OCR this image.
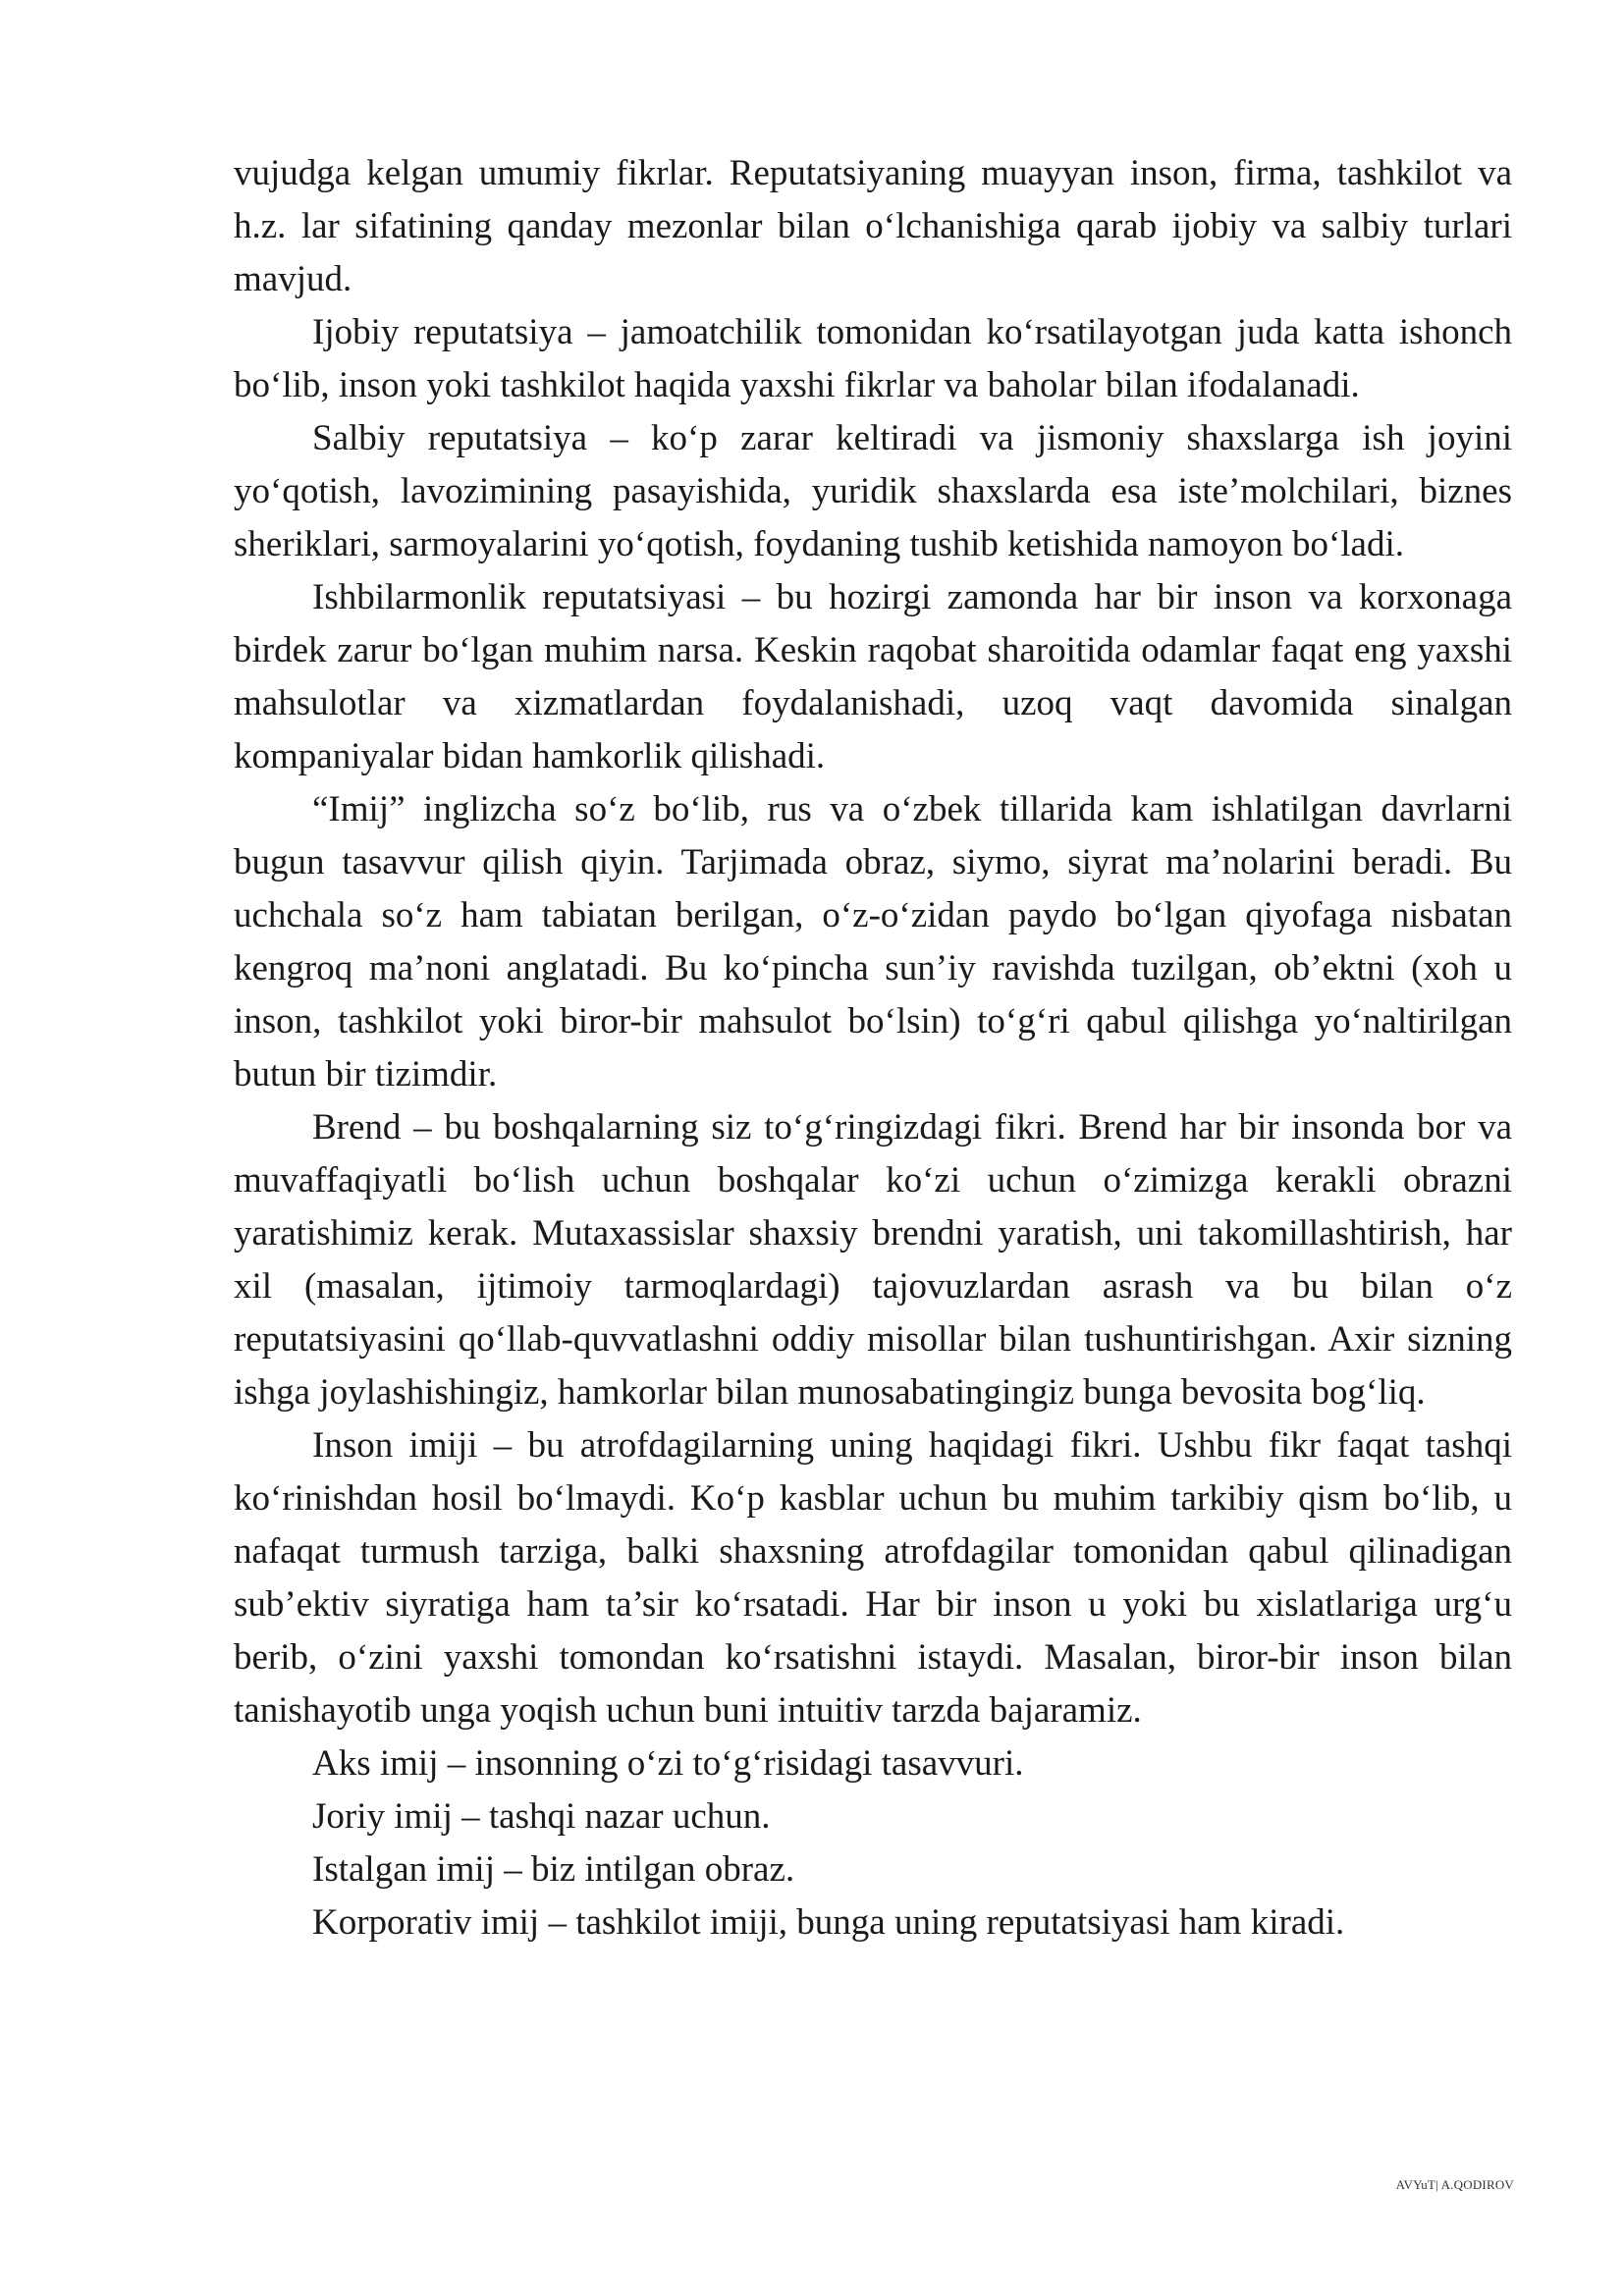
vujudga kelgan umumiy fikrlar. Reputatsiyaning muayyan inson, firma, tashkilot va h.z. lar sifatining qanday mezonlar bilan o‘lchanishiga qarab ijobiy va salbiy turlari mavjud.

Ijobiy reputatsiya – jamoatchilik tomonidan ko‘rsatilayotgan juda katta ishonch bo‘lib, inson yoki tashkilot haqida yaxshi fikrlar va baholar bilan ifodalanadi.

Salbiy reputatsiya – ko‘p zarar keltiradi va jismoniy shaxslarga ish joyini yo‘qotish, lavozimining pasayishida, yuridik shaxslarda esa iste’molchilari, biznes sheriklari, sarmoyalarini yo‘qotish, foydaning tushib ketishida namoyon bo‘ladi.

Ishbilarmonlik reputatsiyasi – bu hozirgi zamonda har bir inson va korxonaga birdek zarur bo‘lgan muhim narsa. Keskin raqobat sharoitida odamlar faqat eng yaxshi mahsulotlar va xizmatlardan foydalanishadi, uzoq vaqt davomida sinalgan kompaniyalar bidan hamkorlik qilishadi.

“Imij” inglizcha so‘z bo‘lib, rus va o‘zbek tillarida kam ishlatilgan davrlarni bugun tasavvur qilish qiyin. Tarjimada obraz, siymo, siyrat ma’nolarini beradi. Bu uchchala so‘z ham tabiatan berilgan, o‘z-o‘zidan paydo bo‘lgan qiyofaga nisbatan kengroq ma’noni anglatadi. Bu ko‘pincha sun’iy ravishda tuzilgan, ob’ektni (xoh u inson, tashkilot yoki biror-bir mahsulot bo‘lsin) to‘g‘ri qabul qilishga yo‘naltirilgan butun bir tizimdir.

Brend – bu boshqalarning siz to‘g‘ringizdagi fikri. Brend har bir insonda bor va muvaffaqiyatli bo‘lish uchun boshqalar ko‘zi uchun o‘zimizga kerakli obrazni yaratishimiz kerak. Mutaxassislar shaxsiy brendni yaratish, uni takomillashtirish, har xil (masalan, ijtimoiy tarmoqlardagi) tajovuzlardan asrash va bu bilan o‘z reputatsiyasini qo‘llab-quvvatlashni oddiy misollar bilan tushuntirishgan. Axir sizning ishga joylashishingiz, hamkorlar bilan munosabatingingiz bunga bevosita bog‘liq.

Inson imiji – bu atrofdagilarning uning haqidagi fikri. Ushbu fikr faqat tashqi ko‘rinishdan hosil bo‘lmaydi. Ko‘p kasblar uchun bu muhim tarkibiy qism bo‘lib, u nafaqat turmush tarziga, balki shaxsning atrofdagilar tomonidan qabul qilinadigan sub’ektiv siyratiga ham ta’sir ko‘rsatadi. Har bir inson u yoki bu xislatlariga urg‘u berib, o‘zini yaxshi tomondan ko‘rsatishni istaydi. Masalan, biror-bir inson bilan tanishayotib unga yoqish uchun buni intuitiv tarzda bajaramiz.

Aks imij – insonning o‘zi to‘g‘risidagi tasavvuri.

Joriy imij – tashqi nazar uchun.

Istalgan imij – biz intilgan obraz.

Korporativ imij – tashkilot imiji, bunga uning reputatsiyasi ham kiradi.

AVYuT| A.QODIROV
